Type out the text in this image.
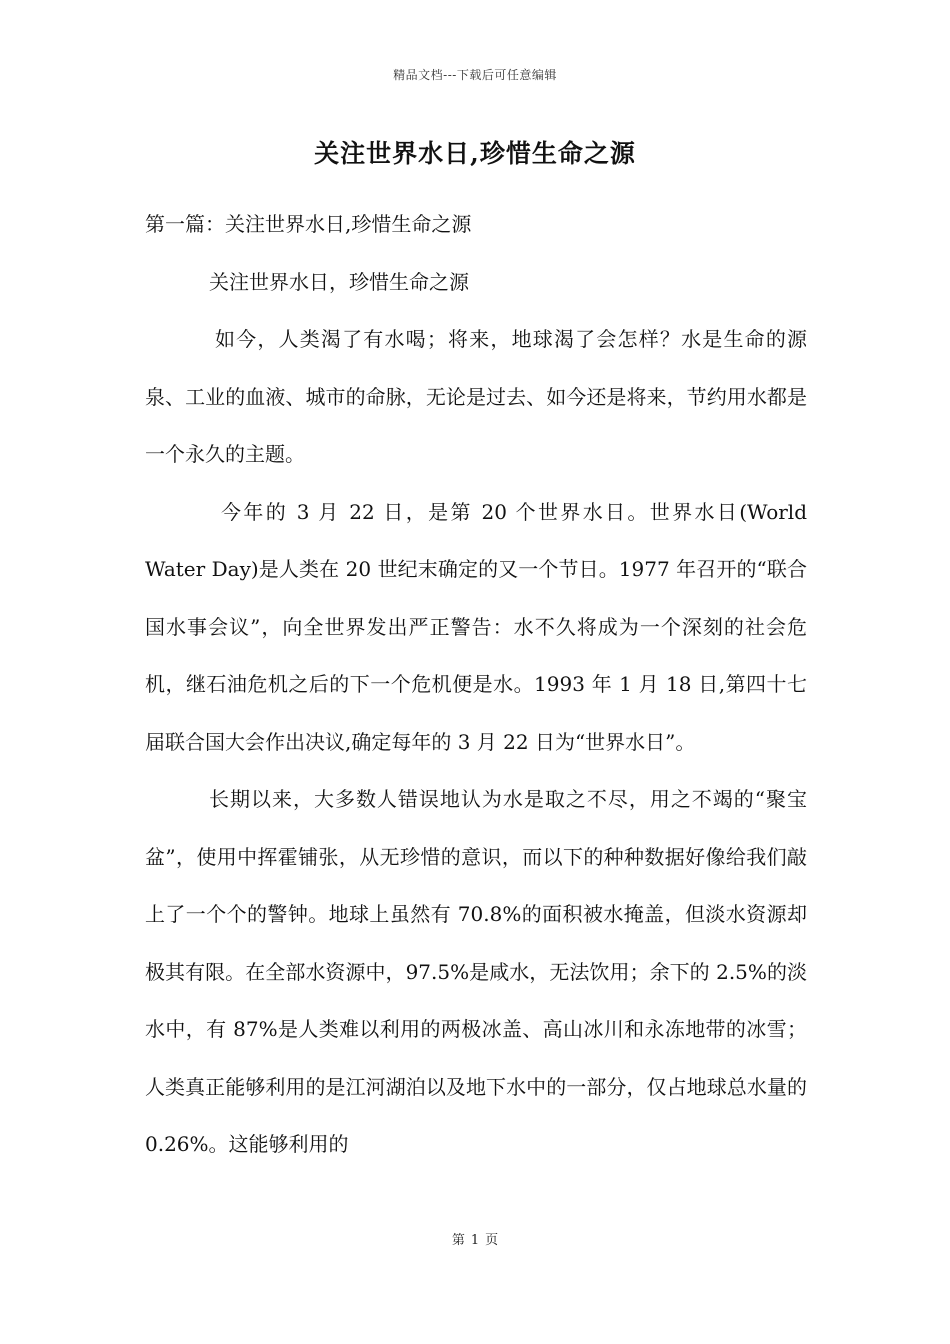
精品文档---下载后可任意编辑
关注世界水日,珍惜生命之源

第一篇：关注世界水日,珍惜生命之源

关注世界水日，珍惜生命之源

如今，人类渴了有水喝；将来，地球渴了会怎样？水是生命的源泉、工业的血液、城市的命脉，无论是过去、如今还是将来，节约用水都是一个永久的主题。

今年的 3 月 22 日，是第 20 个世界水日。世界水日(World Water Day)是人类在 20 世纪末确定的又一个节日。1977 年召开的“联合国水事会议”，向全世界发出严正警告：水不久将成为一个深刻的社会危机，继石油危机之后的下一个危机便是水。1993 年 1 月 18 日,第四十七届联合国大会作出决议,确定每年的 3 月 22 日为“世界水日”。

长期以来，大多数人错误地认为水是取之不尽，用之不竭的“聚宝盆”，使用中挥霍铺张，从无珍惜的意识，而以下的种种数据好像给我们敲上了一个个的警钟。地球上虽然有 70.8%的面积被水掩盖，但淡水资源却极其有限。在全部水资源中，97.5%是咸水，无法饮用；余下的 2.5%的淡水中，有 87%是人类难以利用的两极冰盖、高山冰川和永冻地带的冰雪；人类真正能够利用的是江河湖泊以及地下水中的一部分，仅占地球总水量的 0.26%。这能够利用的

第 1 页
